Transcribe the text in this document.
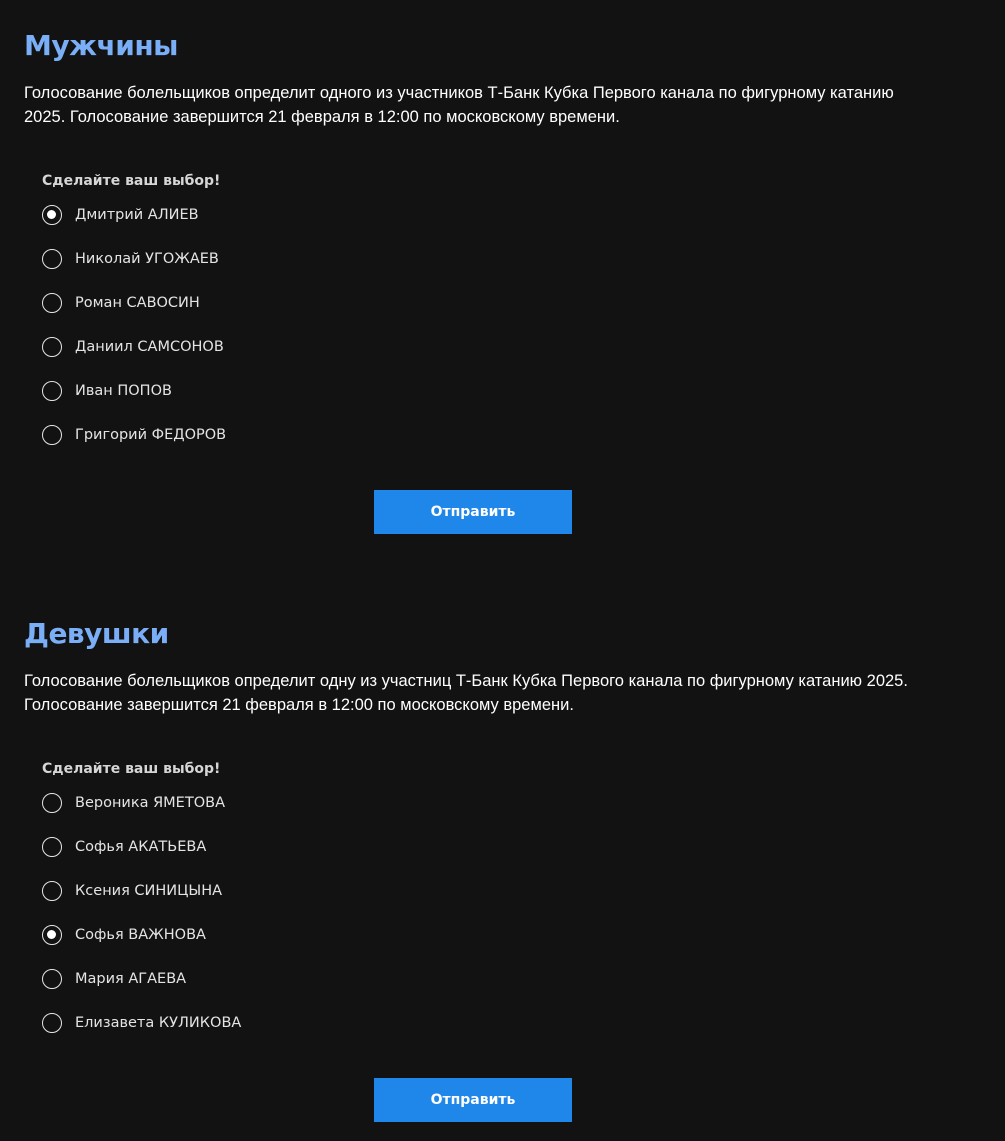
Мужчины

Голосование болельщиков определит одного из участников Т-Банк Кубка Первого канала по фигурному катанию 2025. Голосование завершится 21 февраля в 12:00 по московскому времени.

Сделайте ваш выбор!
Дмитрий АЛИЕВ
Николай УГОЖАЕВ
Роман САВОСИН
Даниил САМСОНОВ
Иван ПОПОВ
Григорий ФЕДОРОВ
Отправить
Девушки

Голосование болельщиков определит одну из участниц Т-Банк Кубка Первого канала по фигурному катанию 2025. Голосование завершится 21 февраля в 12:00 по московскому времени.

Сделайте ваш выбор!
Вероника ЯМЕТОВА
Софья АКАТЬЕВА
Ксения СИНИЦЫНА
Софья ВАЖНОВА
Мария АГАЕВА
Елизавета КУЛИКОВА
Отправить
